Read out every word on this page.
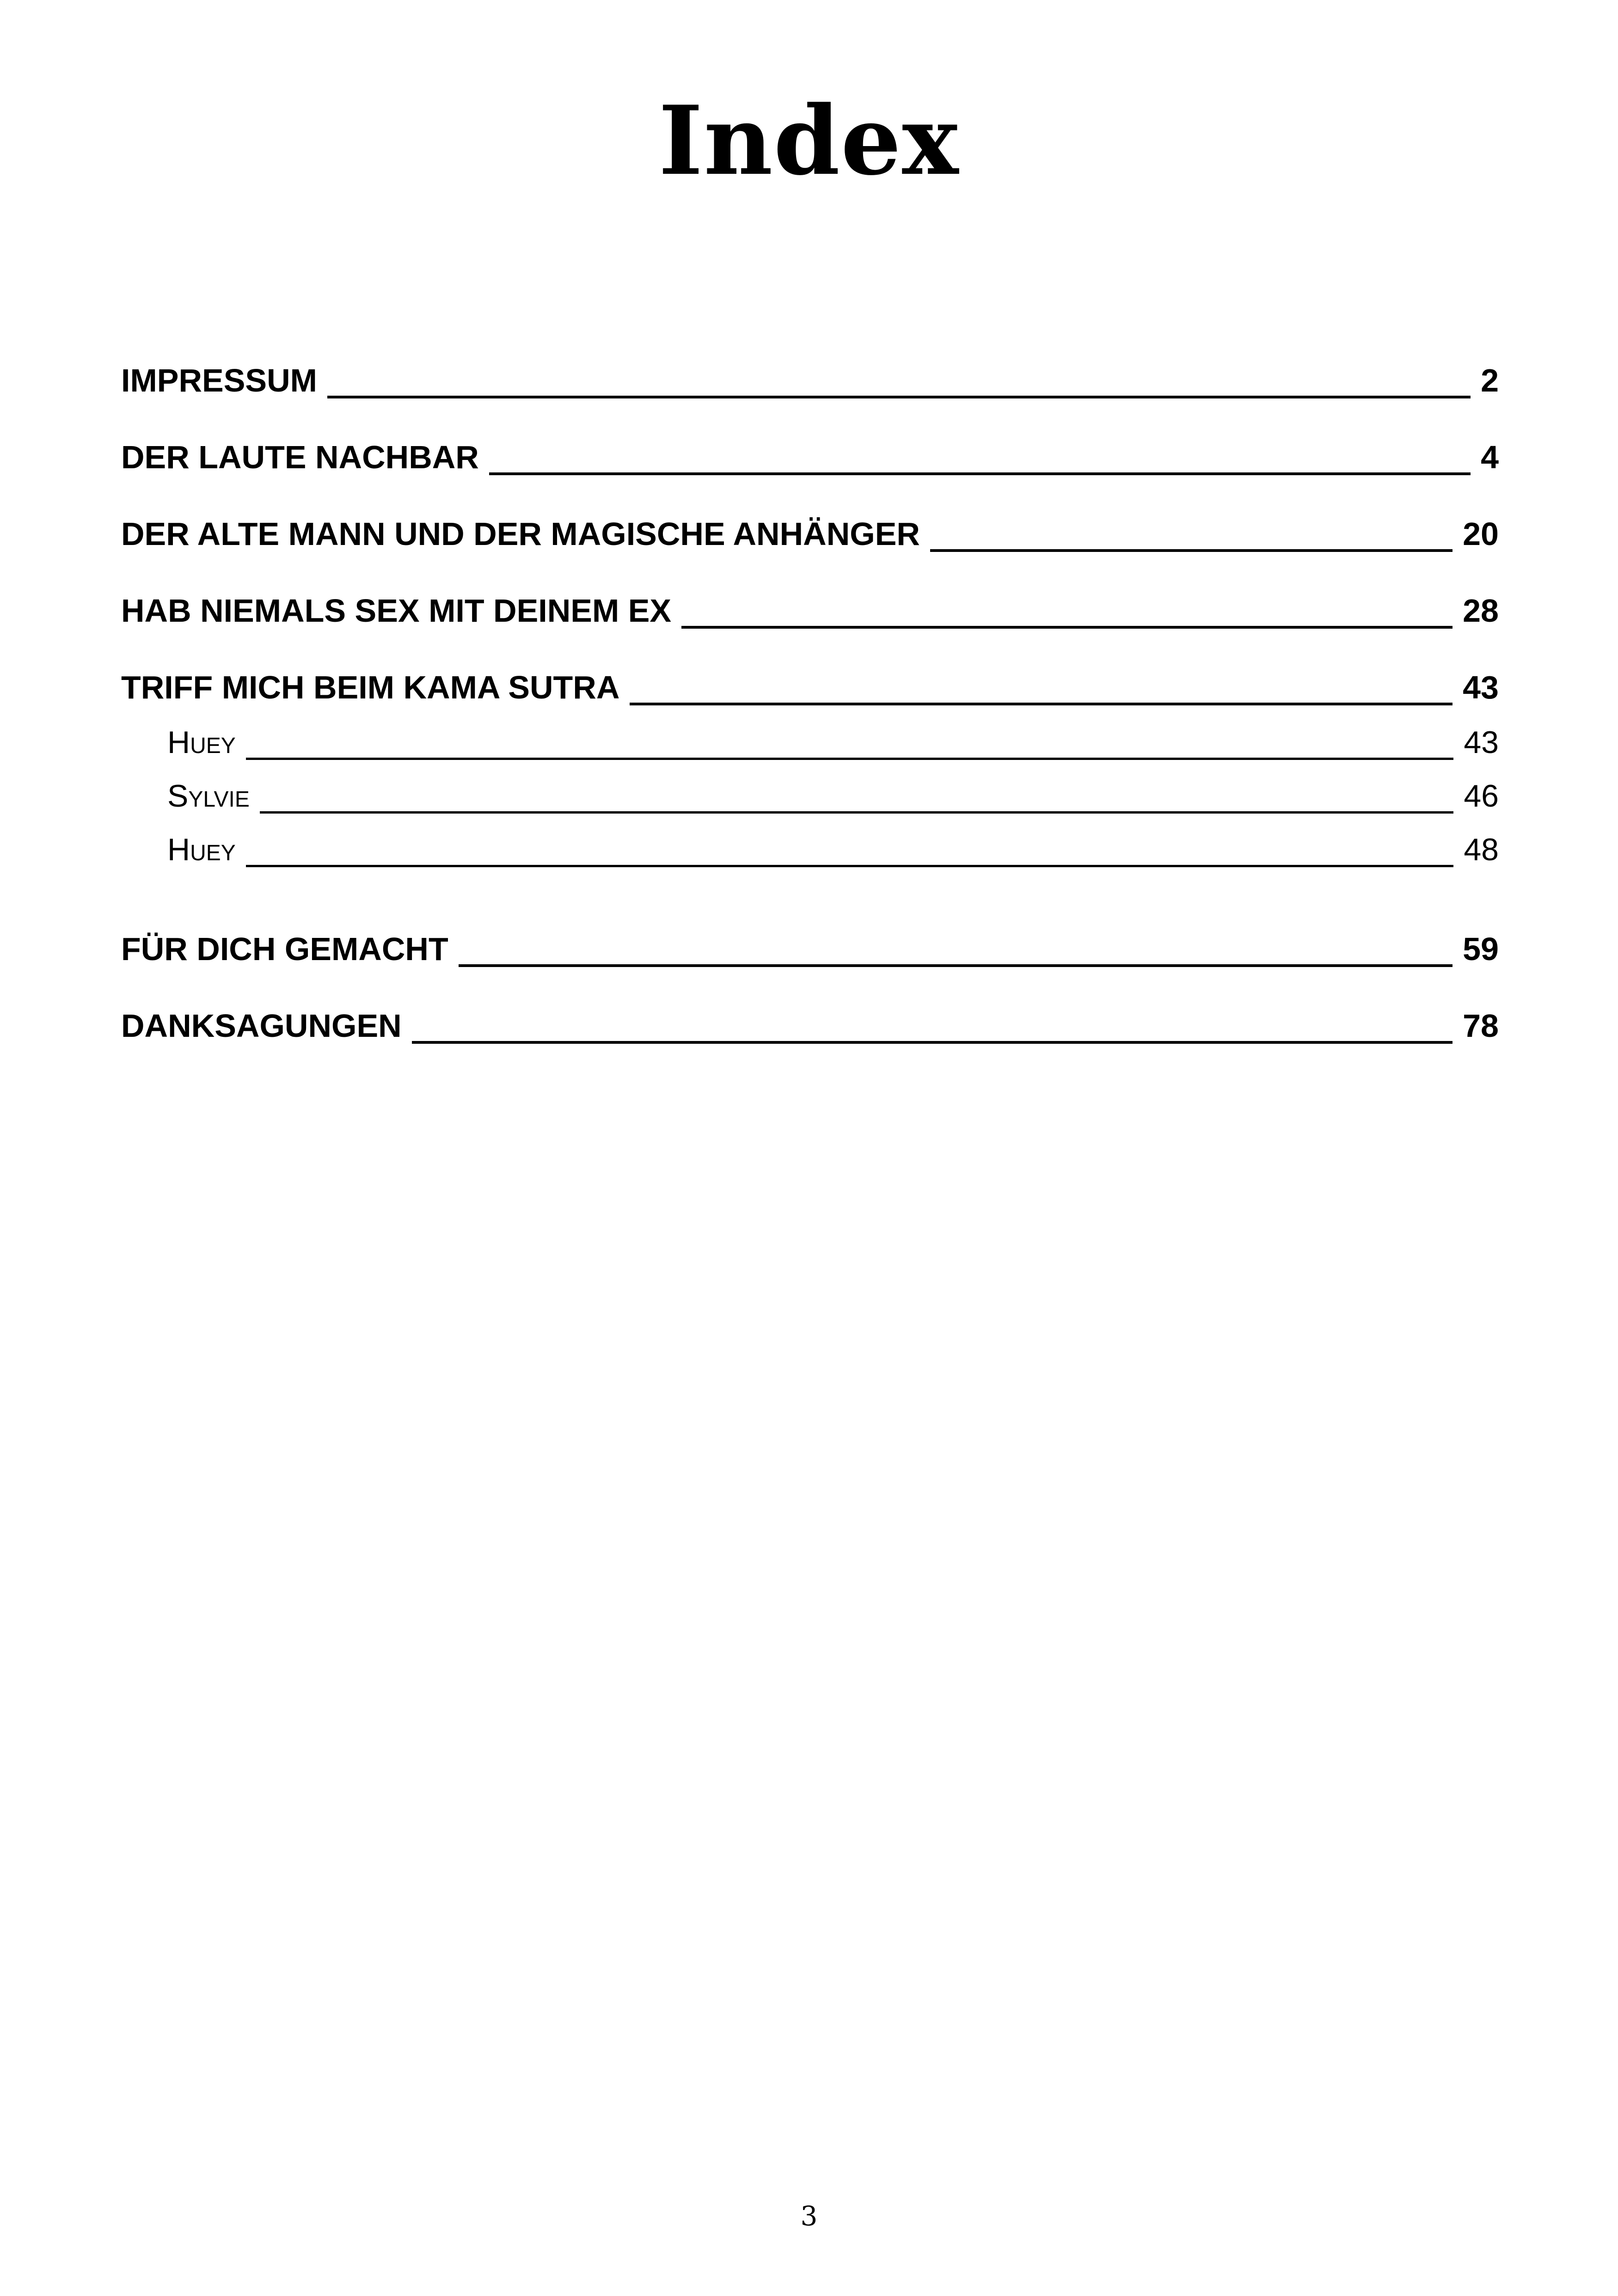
Index
IMPRESSUM	2
DER LAUTE NACHBAR	4
DER ALTE MANN UND DER MAGISCHE ANHÄNGER	20
HAB NIEMALS SEX MIT DEINEM EX	28
TRIFF MICH BEIM KAMA SUTRA	43
Huey	43
Sylvie	46
Huey	48
FÜR DICH GEMACHT	59
DANKSAGUNGEN	78
3
